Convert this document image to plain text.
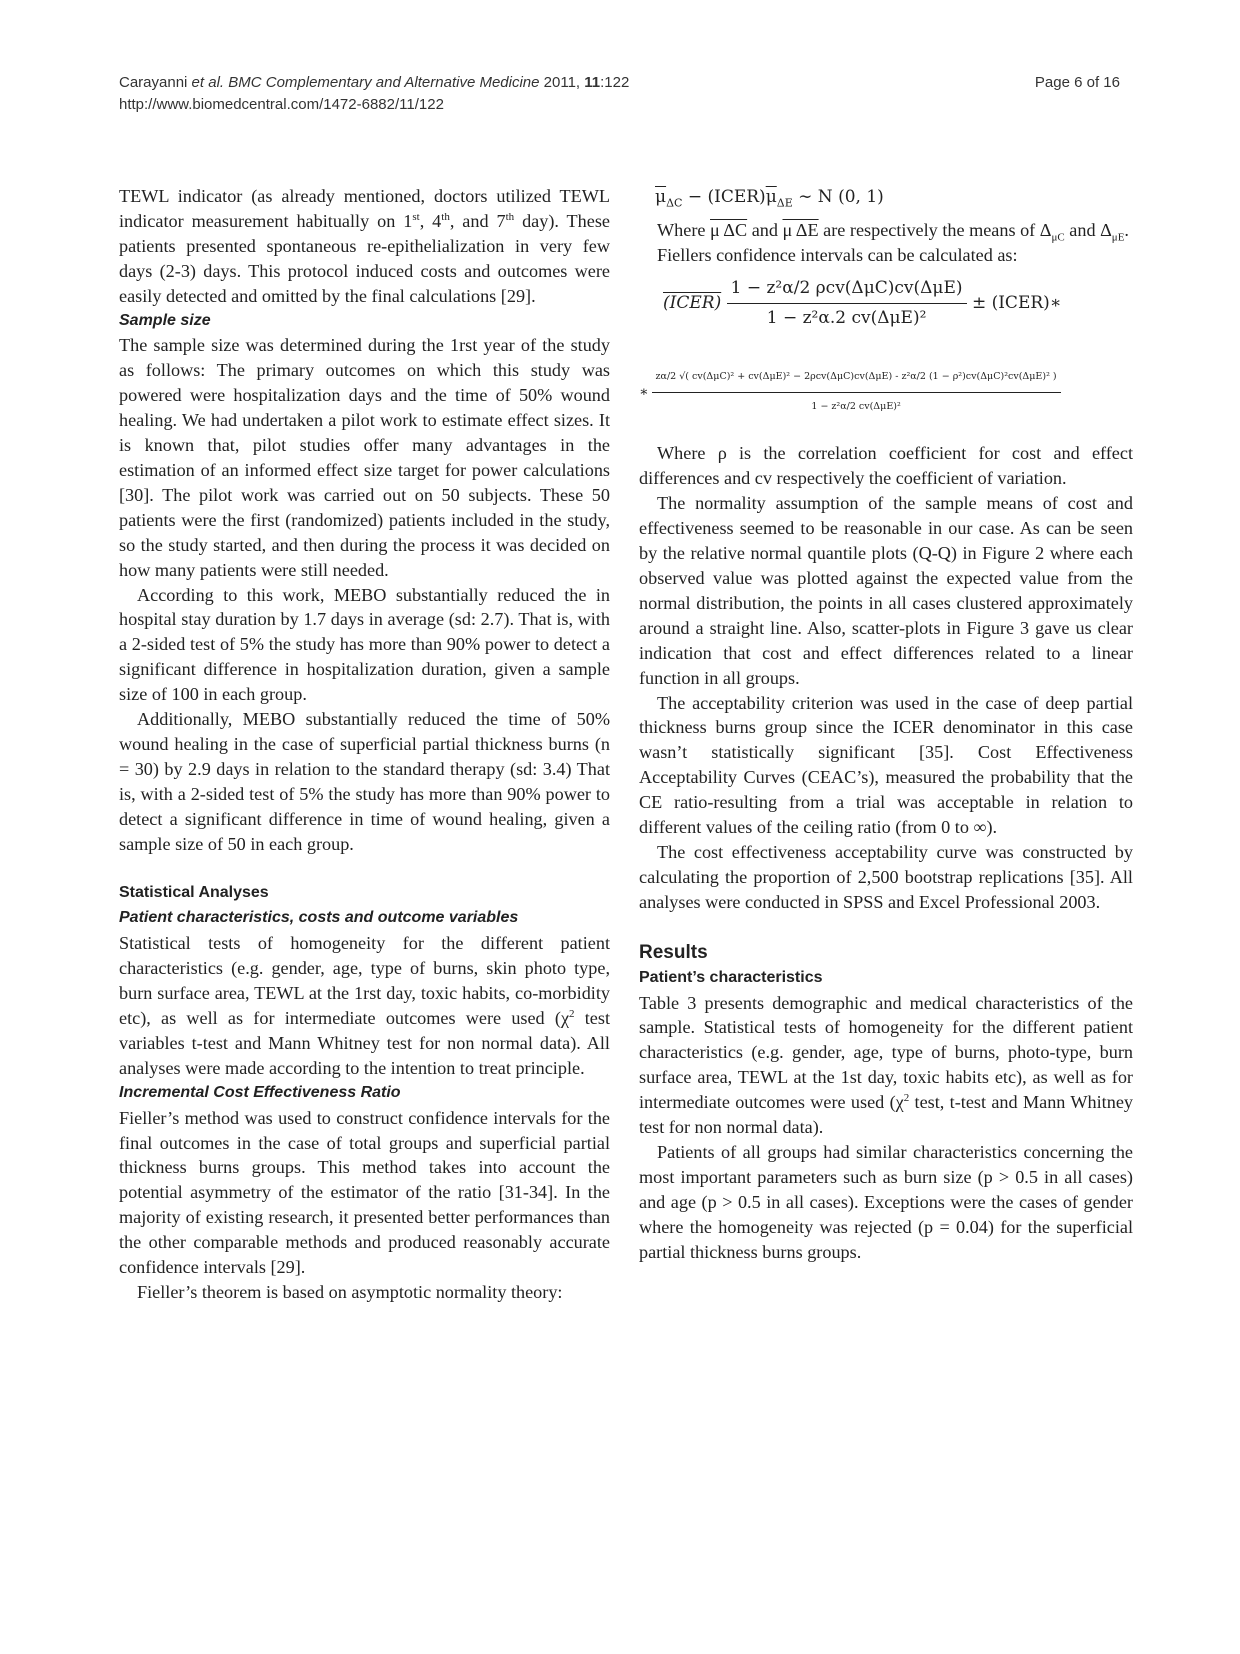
Carayanni et al. BMC Complementary and Alternative Medicine 2011, 11:122
http://www.biomedcentral.com/1472-6882/11/122
Page 6 of 16

TEWL indicator (as already mentioned, doctors utilized TEWL indicator measurement habitually on 1st, 4th, and 7th day). These patients presented spontaneous re-epithelialization in very few days (2-3) days. This protocol induced costs and outcomes were easily detected and omitted by the final calculations [29].

Sample size

The sample size was determined during the 1rst year of the study as follows: The primary outcomes on which this study was powered were hospitalization days and the time of 50% wound healing. We had undertaken a pilot work to estimate effect sizes. It is known that, pilot studies offer many advantages in the estimation of an informed effect size target for power calculations [30]. The pilot work was carried out on 50 subjects. These 50 patients were the first (randomized) patients included in the study, so the study started, and then during the process it was decided on how many patients were still needed.

According to this work, MEBO substantially reduced the in hospital stay duration by 1.7 days in average (sd: 2.7). That is, with a 2-sided test of 5% the study has more than 90% power to detect a significant difference in hospitalization duration, given a sample size of 100 in each group.

Additionally, MEBO substantially reduced the time of 50% wound healing in the case of superficial partial thickness burns (n = 30) by 2.9 days in relation to the standard therapy (sd: 3.4) That is, with a 2-sided test of 5% the study has more than 90% power to detect a significant difference in time of wound healing, given a sample size of 50 in each group.

Statistical Analyses
Patient characteristics, costs and outcome variables

Statistical tests of homogeneity for the different patient characteristics (e.g. gender, age, type of burns, skin photo type, burn surface area, TEWL at the 1rst day, toxic habits, co-morbidity etc), as well as for intermediate outcomes were used ($\chi^2$ test variables t-test and Mann Whitney test for non normal data). All analyses were made according to the intention to treat principle.

Incremental Cost Effectiveness Ratio

Fieller’s method was used to construct confidence intervals for the final outcomes in the case of total groups and superficial partial thickness burns groups. This method takes into account the potential asymmetry of the estimator of the ratio [31-34]. In the majority of existing research, it presented better performances than the other comparable methods and produced reasonably accurate confidence intervals [29].

Fieller’s theorem is based on asymptotic normality theory:

$\overline{\mu}_{\Delta C}$ − $(ICER)\overline{\mu}_{\Delta E}$ ∼ N (0, 1)

Where μ ΔC and μ ΔE are respectively the means of $\Delta_{\mu C}$ and $\Delta_{\mu E}$.

Fiellers confidence intervals can be calculated as:

(ICER) $\frac{\text{1 − z²α/2 ρcv(ΔμC)cv(ΔμE)}}{\text{1 − z²α.2 cv(ΔμE)²}}$ ± (ICER)∗
∗
zα/2 √( cv(ΔμC)² + cv(ΔμE)² − 2ρcv(ΔμC)cv(ΔμE) - z²α/2 (1 − ρ²)cv(ΔμC)²cv(ΔμE)² )
1 − z²α/2 cv(ΔμE)²

Where ρ is the correlation coefficient for cost and effect differences and cv respectively the coefficient of variation.

The normality assumption of the sample means of cost and effectiveness seemed to be reasonable in our case. As can be seen by the relative normal quantile plots (Q-Q) in Figure 2 where each observed value was plotted against the expected value from the normal distribution, the points in all cases clustered approximately around a straight line. Also, scatter-plots in Figure 3 gave us clear indication that cost and effect differences related to a linear function in all groups.

The acceptability criterion was used in the case of deep partial thickness burns group since the ICER denominator in this case wasn’t statistically significant [35]. Cost Effectiveness Acceptability Curves (CEAC’s), measured the probability that the CE ratio-resulting from a trial was acceptable in relation to different values of the ceiling ratio (from 0 to ∞).

The cost effectiveness acceptability curve was constructed by calculating the proportion of 2,500 bootstrap replications [35]. All analyses were conducted in SPSS and Excel Professional 2003.

Results
Patient’s characteristics

Table 3 presents demographic and medical characteristics of the sample. Statistical tests of homogeneity for the different patient characteristics (e.g. gender, age, type of burns, photo-type, burn surface area, TEWL at the 1st day, toxic habits etc), as well as for intermediate outcomes were used ($\chi^2$ test, t-test and Mann Whitney test for non normal data).

Patients of all groups had similar characteristics concerning the most important parameters such as burn size (p > 0.5 in all cases) and age (p > 0.5 in all cases). Exceptions were the cases of gender where the homogeneity was rejected (p = 0.04) for the superficial partial thickness burns groups.
